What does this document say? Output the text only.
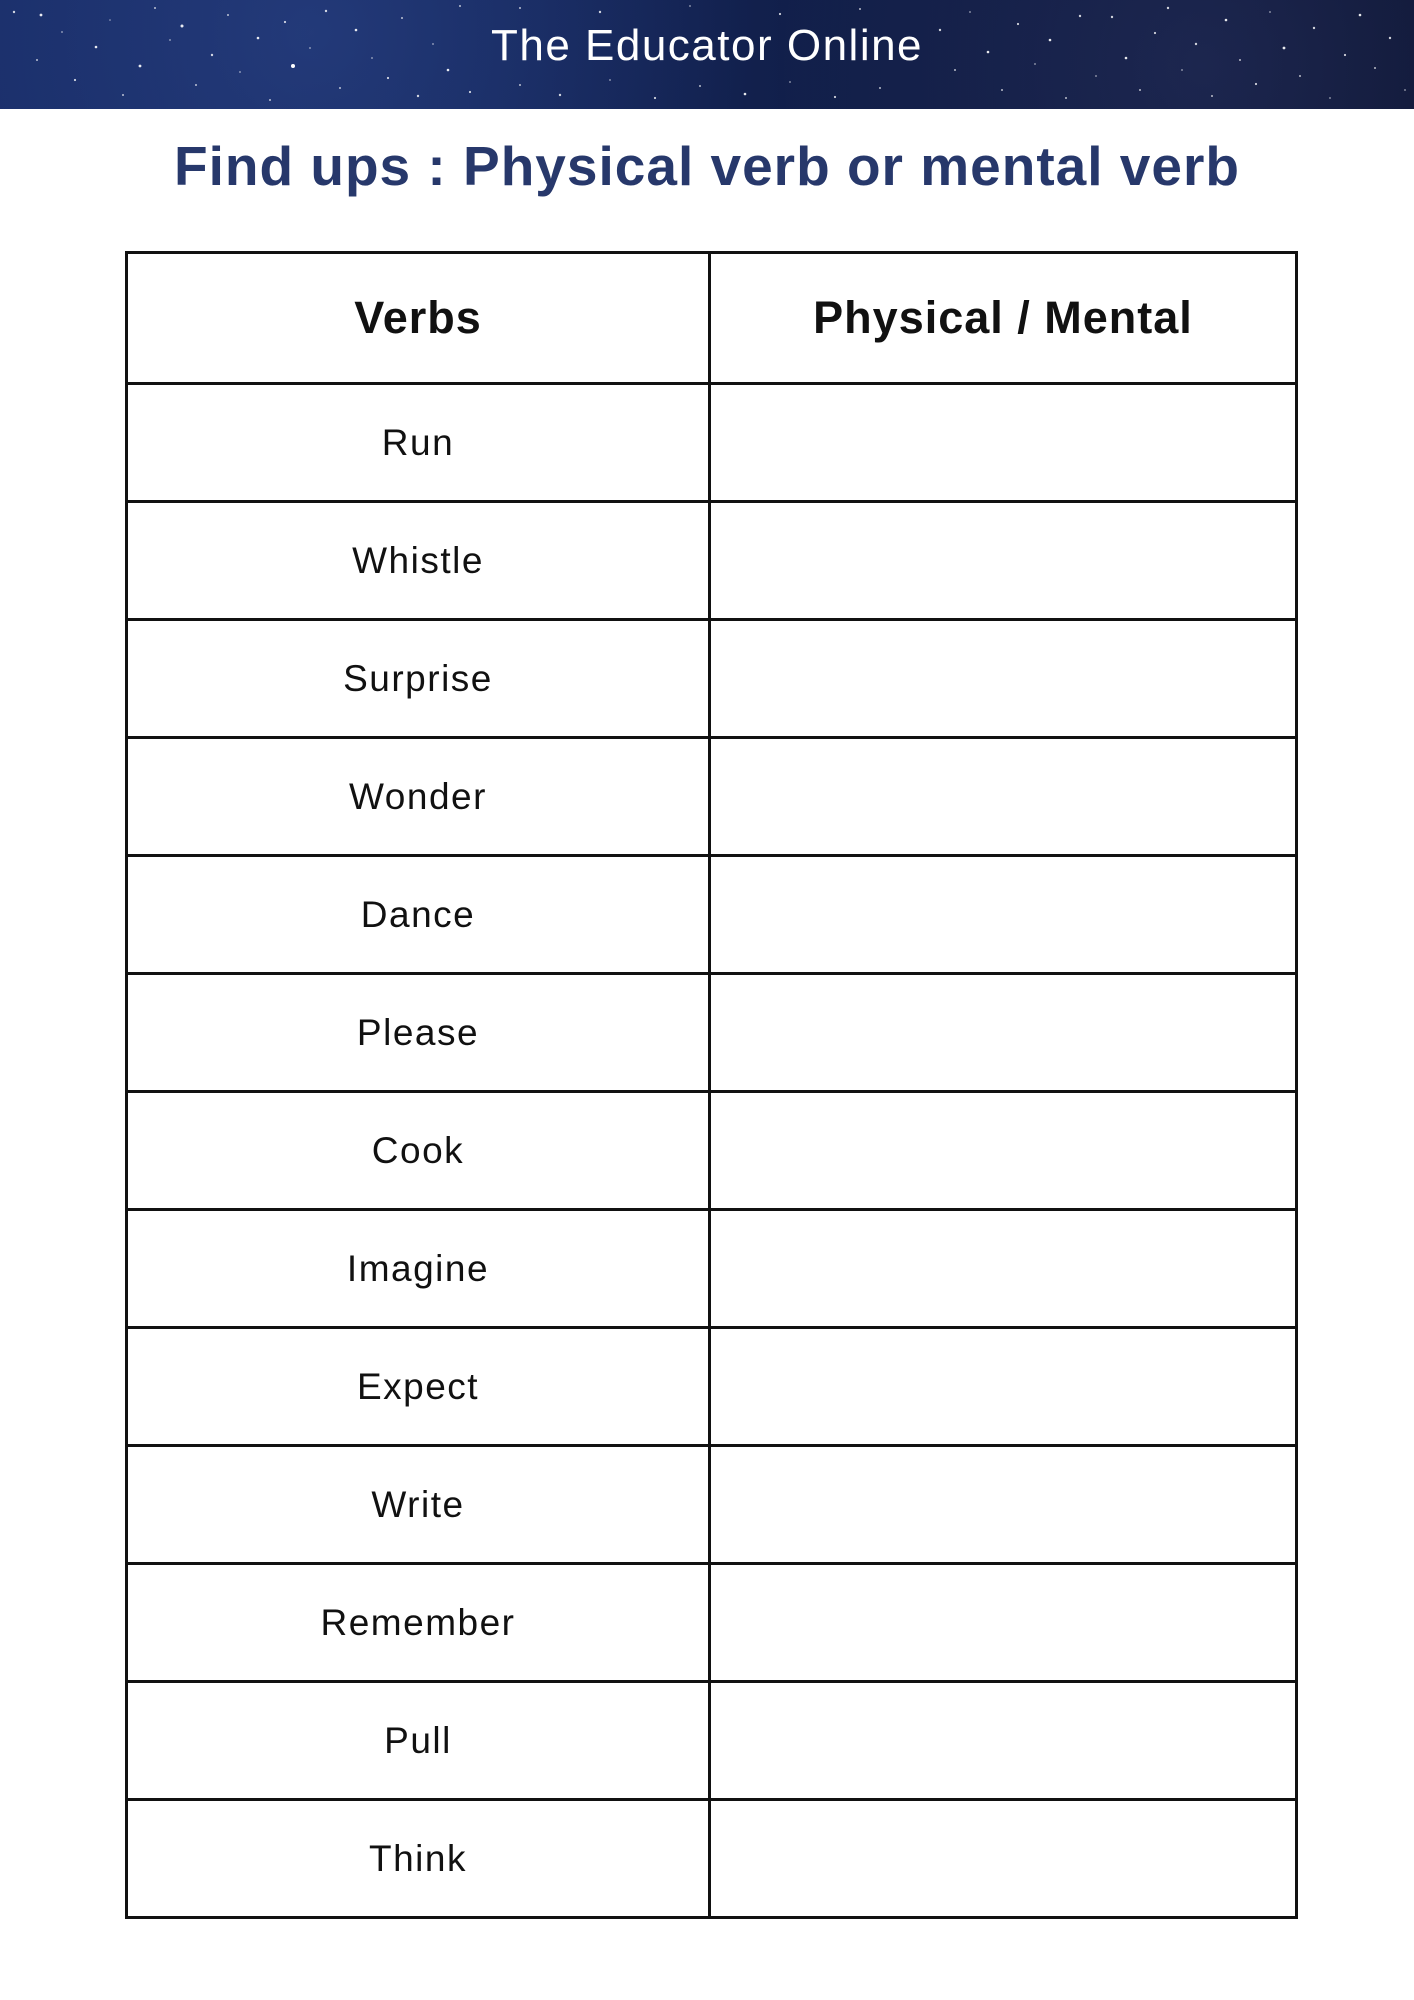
The Educator Online
Find ups : Physical verb or mental verb
Verbs	Physical / Mental
Run	
Whistle	
Surprise	
Wonder	
Dance	
Please	
Cook	
Imagine	
Expect	
Write	
Remember	
Pull	
Think	
